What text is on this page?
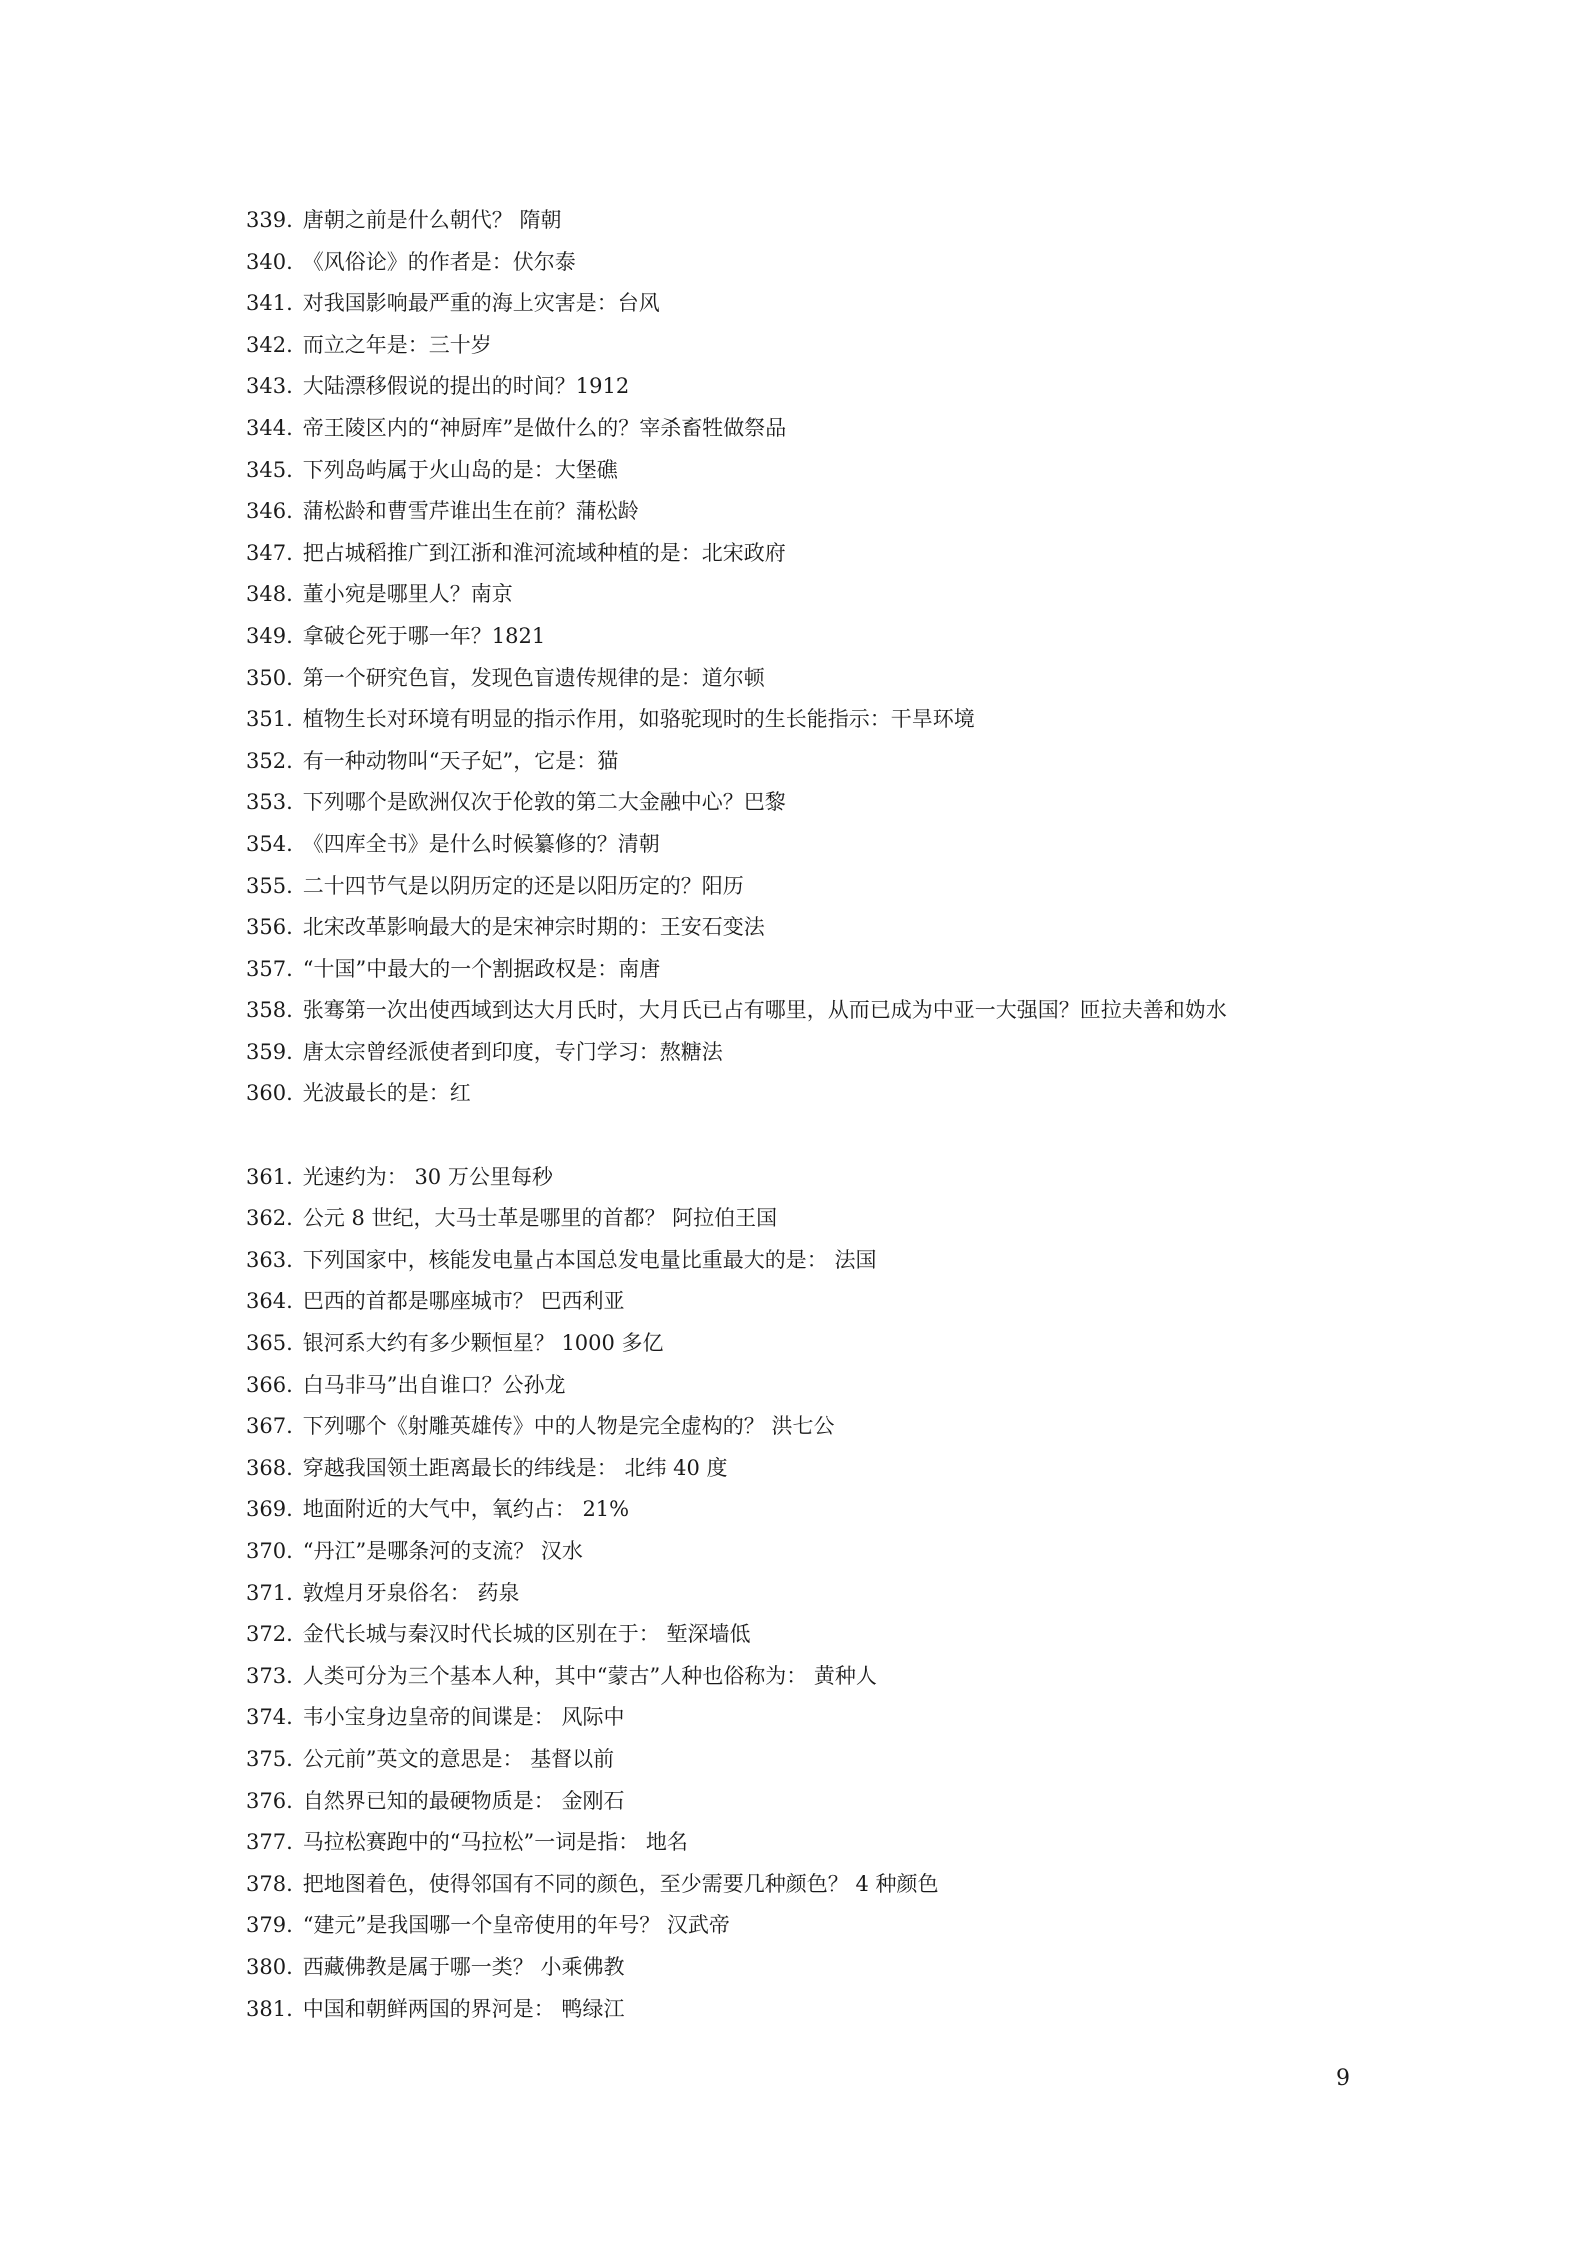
339. 唐朝之前是什么朝代？ 隋朝
340. 《风俗论》的作者是：伏尔泰
341. 对我国影响最严重的海上灾害是：台风
342. 而立之年是：三十岁
343. 大陆漂移假说的提出的时间？1912
344. 帝王陵区内的“神厨库”是做什么的？宰杀畜牲做祭品
345. 下列岛屿属于火山岛的是：大堡礁
346. 蒲松龄和曹雪芹谁出生在前？蒲松龄
347. 把占城稻推广到江浙和淮河流域种植的是：北宋政府
348. 董小宛是哪里人？南京
349. 拿破仑死于哪一年？1821
350. 第一个研究色盲，发现色盲遗传规律的是：道尔顿
351. 植物生长对环境有明显的指示作用，如骆驼现时的生长能指示：干旱环境
352. 有一种动物叫“天子妃”，它是：猫
353. 下列哪个是欧洲仅次于伦敦的第二大金融中心？巴黎
354. 《四库全书》是什么时候纂修的？清朝
355. 二十四节气是以阴历定的还是以阳历定的？阳历
356. 北宋改革影响最大的是宋神宗时期的：王安石变法
357. “十国”中最大的一个割据政权是：南唐
358. 张骞第一次出使西域到达大月氏时，大月氏已占有哪里，从而已成为中亚一大强国？匝拉夫善和妫水
359. 唐太宗曾经派使者到印度，专门学习：熬糖法
360. 光波最长的是：红
361. 光速约为： 30 万公里每秒
362. 公元 8 世纪，大马士革是哪里的首都？ 阿拉伯王国
363. 下列国家中，核能发电量占本国总发电量比重最大的是： 法国
364. 巴西的首都是哪座城市？ 巴西利亚
365. 银河系大约有多少颗恒星？ 1000 多亿
366. 白马非马”出自谁口？公孙龙
367. 下列哪个《射雕英雄传》中的人物是完全虚构的？ 洪七公
368. 穿越我国领土距离最长的纬线是： 北纬 40 度
369. 地面附近的大气中，氧约占： 21%
370. “丹江”是哪条河的支流？ 汉水
371. 敦煌月牙泉俗名： 药泉
372. 金代长城与秦汉时代长城的区别在于： 堑深墙低
373. 人类可分为三个基本人种，其中“蒙古”人种也俗称为： 黄种人
374. 韦小宝身边皇帝的间谍是： 风际中
375. 公元前”英文的意思是： 基督以前
376. 自然界已知的最硬物质是： 金刚石
377. 马拉松赛跑中的“马拉松”一词是指： 地名
378. 把地图着色，使得邻国有不同的颜色，至少需要几种颜色？ 4 种颜色
379. “建元”是我国哪一个皇帝使用的年号？ 汉武帝
380. 西藏佛教是属于哪一类？ 小乘佛教
381. 中国和朝鲜两国的界河是： 鸭绿江
9
